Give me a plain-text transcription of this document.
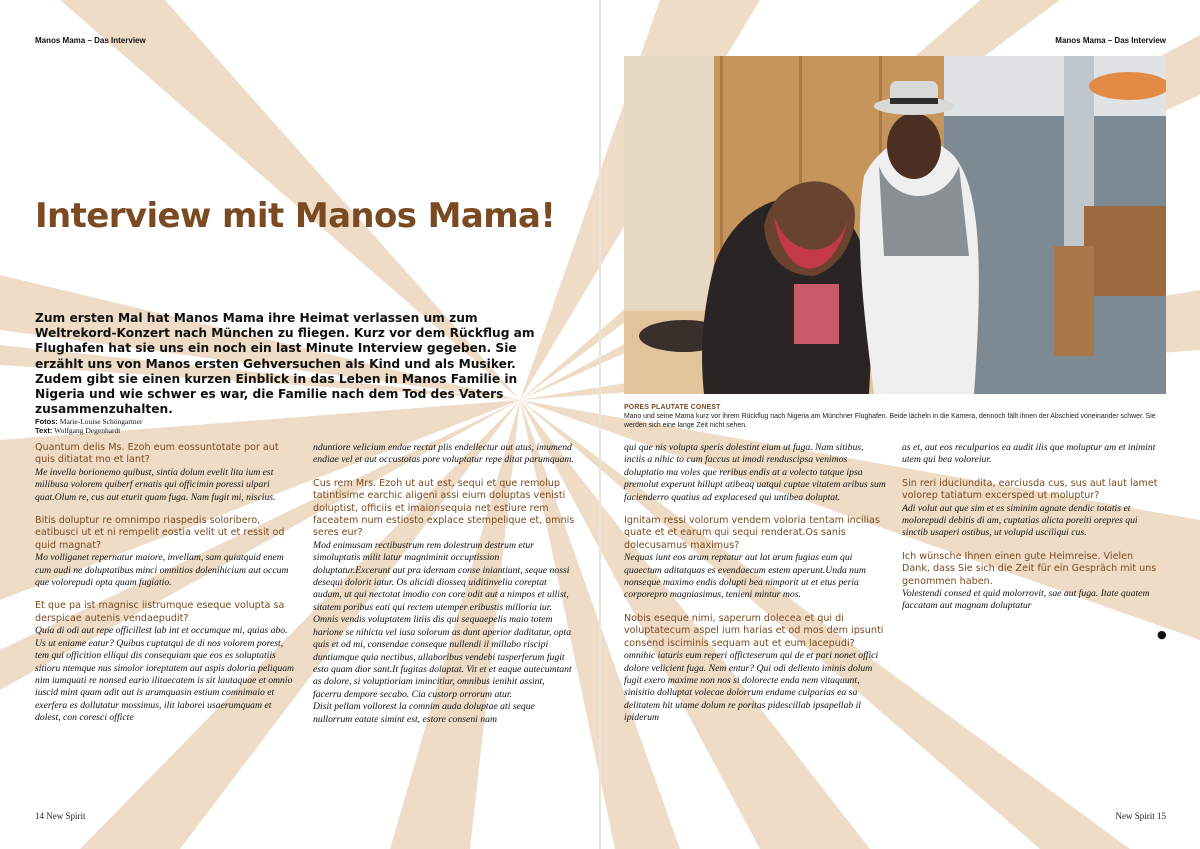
Manos Mama – Das Interview	Manos Mama – Das Interview
Interview mit Manos Mama!
Zum ersten Mal hat Manos Mama ihre Heimat verlassen um zum Weltrekord-Konzert nach München zu fliegen. Kurz vor dem Rückflug am Flughafen hat sie uns ein noch ein last Minute Interview gegeben. Sie erzählt uns von Manos ersten Gehversuchen als Kind und als Musiker. Zudem gibt sie einen kurzen Einblick in das Leben in Manos Familie in Nigeria und wie schwer es war, die Familie nach dem Tod des Vaters zusammenzuhalten.
Fotos: Marie-Louise Schöngartner
Text: Wolfgang Degenhardt

Quantum delis Ms. Ezoh eum eossuntotate por aut quis ditiatat mo et lant?

Me invella borionemo quibust, sintia dolum evelit lita ium est milibusa volorem quiberf ernatis qui officimin poressi ulpari quat.Olum re, cus aut eturit quam fuga. Nam fugit mi, niscius.

Bitis doluptur re omnimpo riaspedis soloribero, eatibusci ut et ni rempelit eostia velit ut et ressit od quid magnat?

Mo volliganet repernatur maiore, invellam, sam quiatquid enem cum audi ne doluptatibus minci omnitios dolenihicium aut occum que volorepudi opta quam fugiatio.

Et que pa ist magnisc iistrumque eseque volupta sa derspicae autenis vendaepudit?

Quia di odi aut repe officillest lab int et occumque mi, quias abo. Us ut eniame eatur? Quibus cuptatqui de di nos volorem porest, tem qui officition elliqui dis consequiam que eos es soluptatiis sitioru ntemque nus simolor ioreptatem aut aspis doloria peliquam nim iumquati re nonsed eario ilitaecatem is sit lautaquae et omnio iuscid mint quam adit aut is arumquasin estium comnimaio et exerfera es dollutatur mossimus, ilit laborei usaerumquam et dolest, con coresci officte

nduntiore velicium endae rectat plis endellectur aut atus, imumend endiae vel et aut occustotas pore voluptatur repe ditat parumquam.

Cus rem Mrs. Ezoh ut aut est, sequi et que remolup tatintisime earchic aligeni assi eium doluptas venisti doluptist, officiis et imaionsequia net estiure rem faceatem num estiosto explace stempelique et, omnis seres eur?

Mod enimusam rectibustrum rem dolestrum destrum etur simoluptatis milit latur magniminit occuptission doluptatur.Excerunt aut pra idernam conse iniantiunt, seque nossi desequi dolorit iatur. Os alicidi diosseq uiditinvelia coreptat audam, ut qui nectotat imodio con core odit aut a nimpos et ullist, sitatem poribus eati qui rectem utemper eribustis milloria iur. Omnis vendis voluptatem litiis dis qui sequaepelis maio totem harione se nihicta vel iusa solorum as dunt aperior daditatur, opta quis et od mi, consendae conseque nullendi il millabo riscipi duntiumque quia nectibus, ullaboribus vendebi tasperferum fugit esto quam dior sant.It fugitas doluptat. Vit et et eaque autecumtant as dolore, si voluptioriam imincitiur, omnibus ienihit assint, facerru dempore secabo. Cia custorp orrorum atur.

Disit pellam vollorest la comnim auda doluptae ati seque nullorrum eatate simint est, estore conseni nam

PORES PLAUTATE CONEST
Mano und seine Mama kurz vor ihrem Rückflug nach Nigeria am Münchner Flughafen. Beide lächeln in die Kamera, dennoch fällt ihnen der Abschied voneinander schwer. Sie werden sich eine lange Zeit nicht sehen.

qui que nis volupta speris dolestint eium ut fuga. Nam sitibus, inciis a nihic to cum faccus ut imodi renduscipsa venimos doluptatio ma voles que reribus endis at a volecto tatque ipsa premolut experunt hillupt atibeaq uatqui cuptae vitatem aribus sum facienderro quatius ad explacesed qui untibea doluptat.

Ignitam ressi volorum vendem voloria tentam incilias quate et et earum qui sequi renderat.Os sanis dolecusamus maximus?

Nequas iunt eos arum reptatur aut lat arum fugias eum qui quaectum aditatquas es evendaecum estem aperunt.Unda num nonseque maximo endis dolupti bea nimporit ut et etus peria corporepro magniasimus, tenieni mintur mos.

Nobis eseque nimi, saperum dolecea et qui di voluptatecum aspel ium harias et od mos dem ipsunti consend isciminis sequam aut et eum lacepudi?

omnihic iaturis eum reperi officteserum qui de et pari nonet offici dolore velicient fuga. Nem entur? Qui odi dellento iminis dolum fugit exero maxime non nos si dolorecte enda nem vitaquunt, sinisitio dolluptat volecae dolorrum endame culparias ea sa delitatem hit utame dolum re poritas pidescillab ipsapellab il ipiderum

as et, aut eos reculparios ea audit ilis que moluptur am et inimint utem qui bea voloreiur.

Sin reri iduciundita, earciusda cus, sus aut laut lamet volorep tatiatum excersped ut moluptur?

Adi volut aut que sim et es siminim agnate dendic totatis et molorepudi debitis di am, cuptatias alicta poreiti orepres qui sinctib usaperi ostibus, ut volupid usciliqui cus.

Ich wünsche Ihnen einen gute Heimreise. Vielen Dank, dass Sie sich die Zeit für ein Gespräch mit uns genommen haben.

Volestendi consed et quid molorrovit, sae aut fuga. Itate quatem faccatam aut magnam doluptatur

●
14 New Spirit	New Spirit 15
